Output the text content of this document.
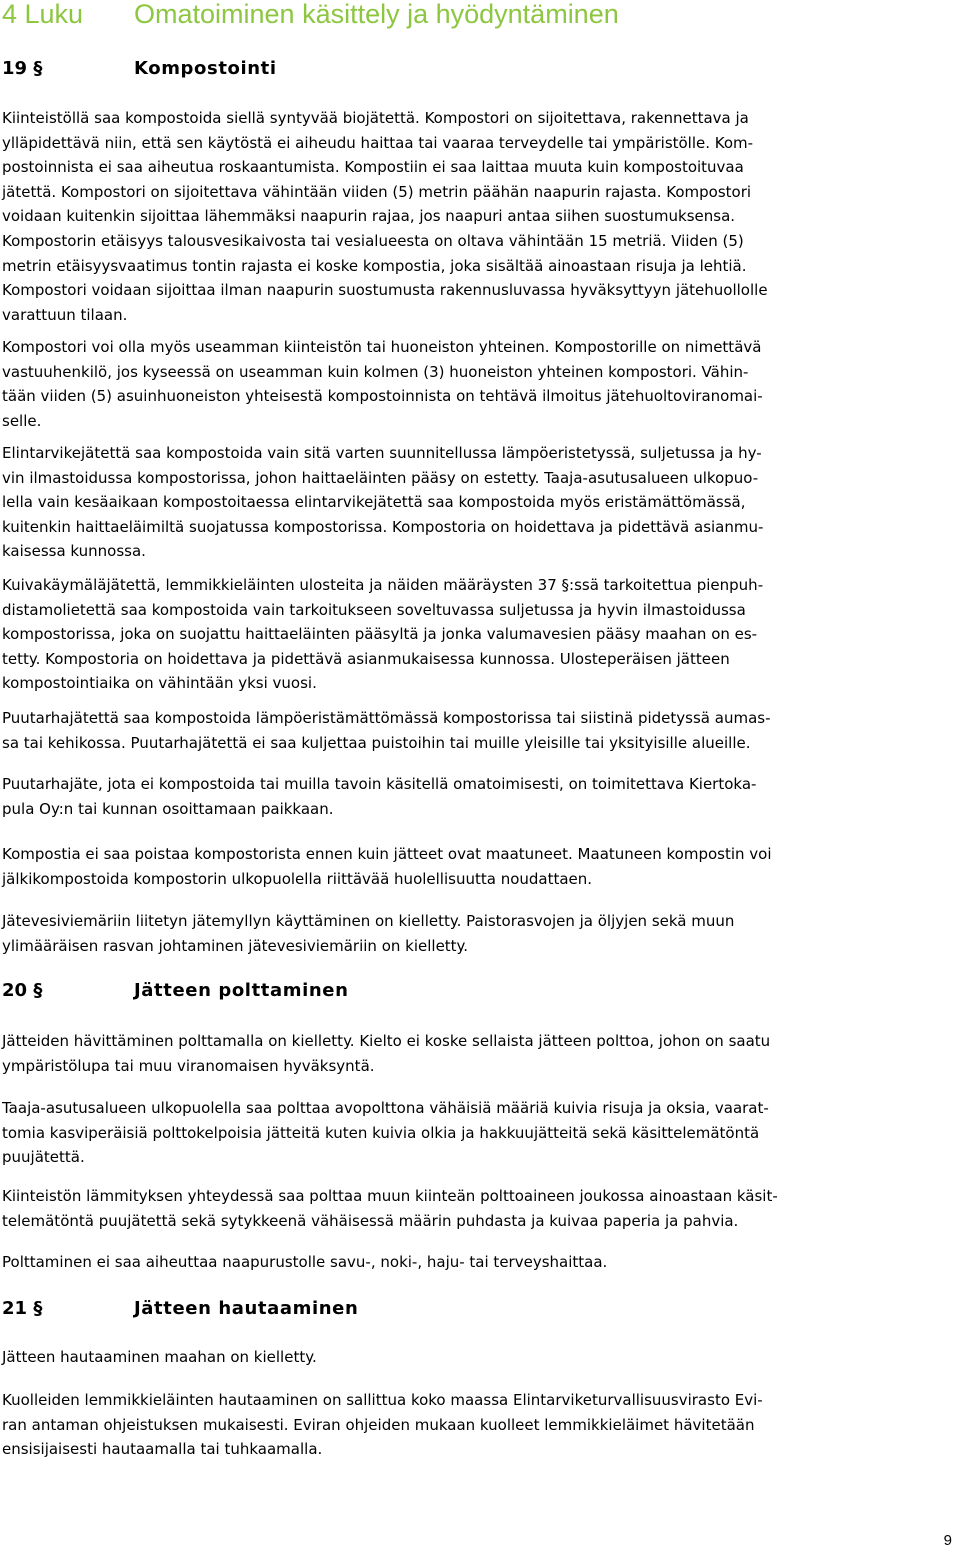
4 Luku Omatoiminen käsittely ja hyödyntäminen
19 §	Kompostointi

Kiinteistöllä saa kompostoida siellä syntyvää biojätettä. Kompostori on sijoitettava, rakennettava ja
ylläpidettävä niin, että sen käytöstä ei aiheudu haittaa tai vaaraa terveydelle tai ympäristölle. Kom-
postoinnista ei saa aiheutua roskaantumista. Kompostiin ei saa laittaa muuta kuin kompostoituvaa
jätettä. Kompostori on sijoitettava vähintään viiden (5) metrin päähän naapurin rajasta. Kompostori
voidaan kuitenkin sijoittaa lähemmäksi naapurin rajaa, jos naapuri antaa siihen suostumuksensa.
Kompostorin etäisyys talousvesikaivosta tai vesialueesta on oltava vähintään 15 metriä. Viiden (5)
metrin etäisyysvaatimus tontin rajasta ei koske kompostia, joka sisältää ainoastaan risuja ja lehtiä.
Kompostori voidaan sijoittaa ilman naapurin suostumusta rakennusluvassa hyväksyttyyn jätehuollolle
varattuun tilaan.

Kompostori voi olla myös useamman kiinteistön tai huoneiston yhteinen. Kompostorille on nimettävä
vastuuhenkilö, jos kyseessä on useamman kuin kolmen (3) huoneiston yhteinen kompostori. Vähin-
tään viiden (5) asuinhuoneiston yhteisestä kompostoinnista on tehtävä ilmoitus jätehuoltoviranomai-
selle.

Elintarvikejätettä saa kompostoida vain sitä varten suunnitellussa lämpöeristetyssä, suljetussa ja hy-
vin ilmastoidussa kompostorissa, johon haittaeläinten pääsy on estetty. Taaja-asutusalueen ulkopuo-
lella vain kesäaikaan kompostoitaessa elintarvikejätettä saa kompostoida myös eristämättömässä,
kuitenkin haittaeläimiltä suojatussa kompostorissa. Kompostoria on hoidettava ja pidettävä asianmu-
kaisessa kunnossa.

Kuivakäymäläjätettä, lemmikkieläinten ulosteita ja näiden määräysten 37 §:ssä tarkoitettua pienpuh-
distamolietettä saa kompostoida vain tarkoitukseen soveltuvassa suljetussa ja hyvin ilmastoidussa
kompostorissa, joka on suojattu haittaeläinten pääsyltä ja jonka valumavesien pääsy maahan on es-
tetty. Kompostoria on hoidettava ja pidettävä asianmukaisessa kunnossa. Ulosteperäisen jätteen
kompostointiaika on vähintään yksi vuosi.

Puutarhajätettä saa kompostoida lämpöeristämättömässä kompostorissa tai siistinä pidetyssä aumas-
sa tai kehikossa. Puutarhajätettä ei saa kuljettaa puistoihin tai muille yleisille tai yksityisille alueille.

Puutarhajäte, jota ei kompostoida tai muilla tavoin käsitellä omatoimisesti, on toimitettava Kiertoka-
pula Oy:n tai kunnan osoittamaan paikkaan.

Kompostia ei saa poistaa kompostorista ennen kuin jätteet ovat maatuneet. Maatuneen kompostin voi
jälkikompostoida kompostorin ulkopuolella riittävää huolellisuutta noudattaen.

Jätevesiviemäriin liitetyn jätemyllyn käyttäminen on kielletty. Paistorasvojen ja öljyjen sekä muun
ylimääräisen rasvan johtaminen jätevesiviemäriin on kielletty.

20 §	Jätteen polttaminen

Jätteiden hävittäminen polttamalla on kielletty. Kielto ei koske sellaista jätteen polttoa, johon on saatu
ympäristölupa tai muu viranomaisen hyväksyntä.

Taaja-asutusalueen ulkopuolella saa polttaa avopolttona vähäisiä määriä kuivia risuja ja oksia, vaarat-
tomia kasviperäisiä polttokelpoisia jätteitä kuten kuivia olkia ja hakkuujätteitä sekä käsittelemätöntä
puujätettä.

Kiinteistön lämmityksen yhteydessä saa polttaa muun kiinteän polttoaineen joukossa ainoastaan käsit-
telemätöntä puujätettä sekä sytykkeenä vähäisessä määrin puhdasta ja kuivaa paperia ja pahvia.

Polttaminen ei saa aiheuttaa naapurustolle savu-, noki-, haju- tai terveyshaittaa.

21 §	Jätteen hautaaminen

Jätteen hautaaminen maahan on kielletty.

Kuolleiden lemmikkieläinten hautaaminen on sallittua koko maassa Elintarviketurvallisuusvirasto Evi-
ran antaman ohjeistuksen mukaisesti. Eviran ohjeiden mukaan kuolleet lemmikkieläimet hävitetään
ensisijaisesti hautaamalla tai tuhkaamalla.

9
